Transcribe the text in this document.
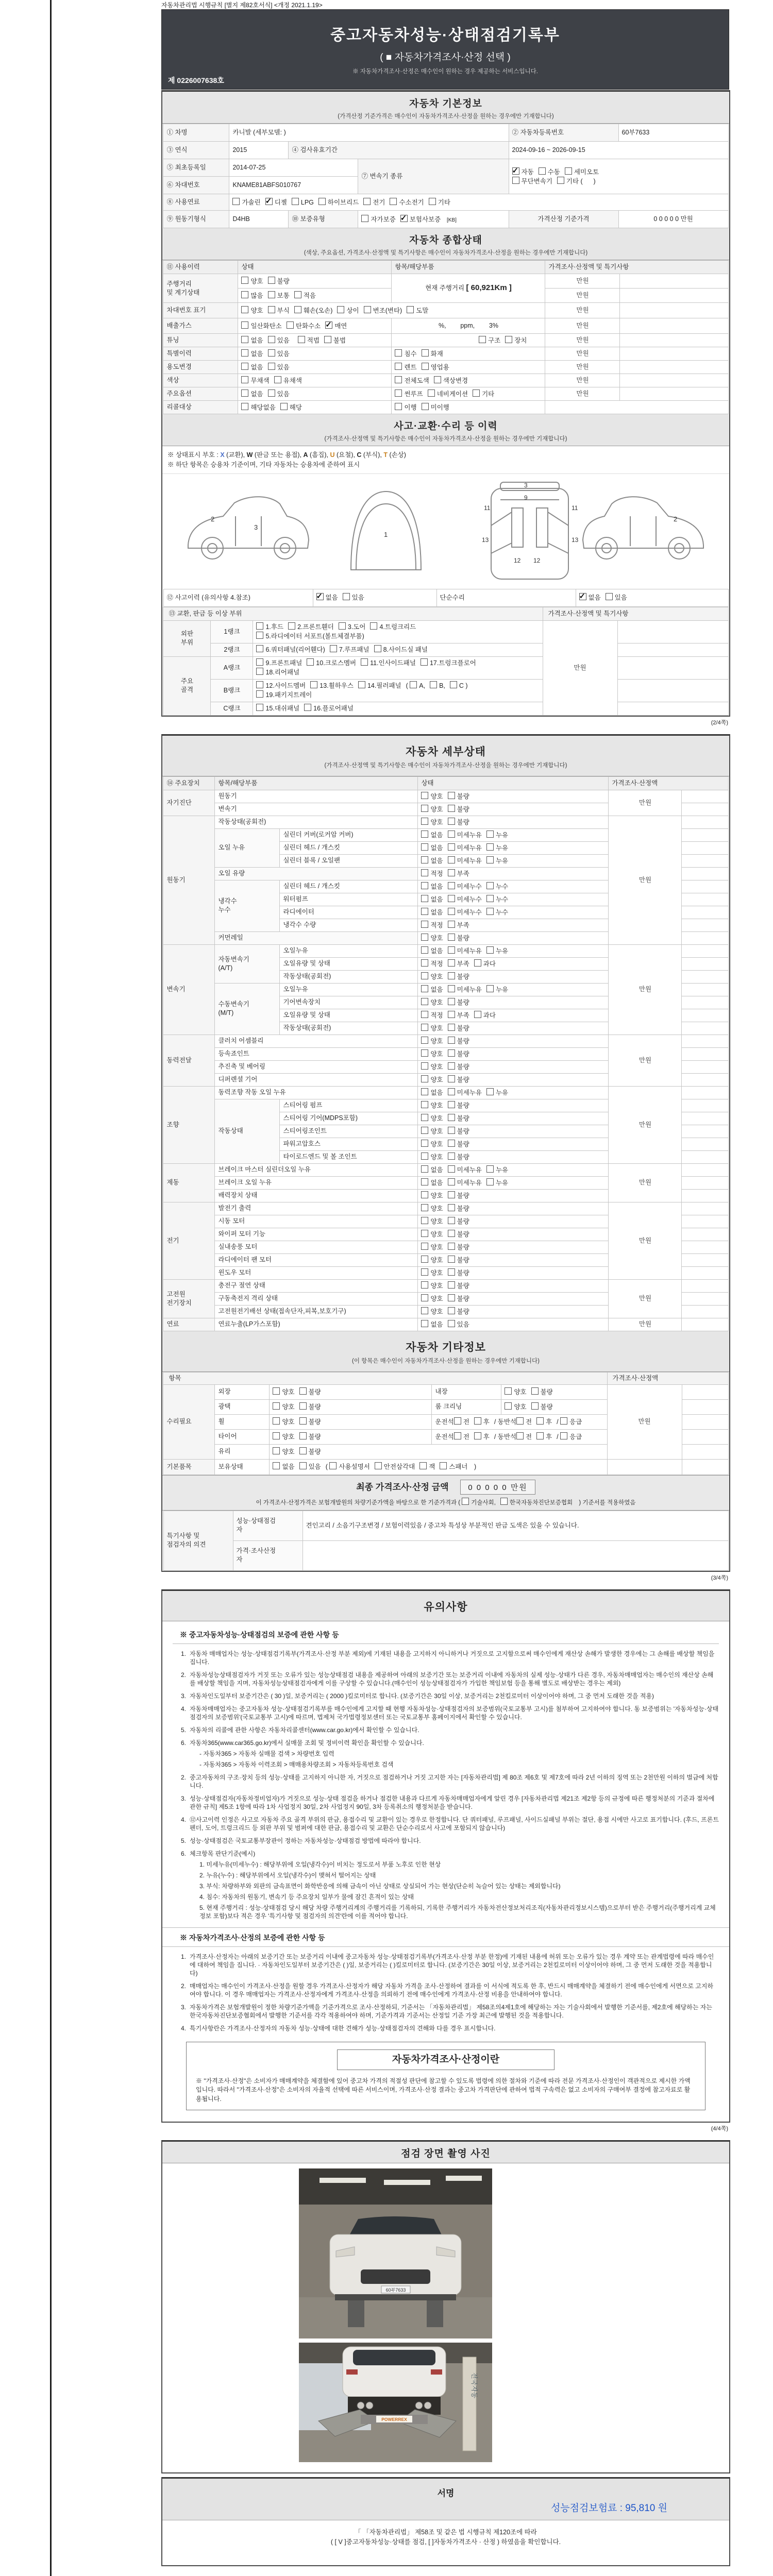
자동차관리법 시행규칙 [별지 제82호서식] <개정 2021.1.19>
중고자동차성능·상태점검기록부
( ■ 자동차가격조사·산정 선택 )
※ 자동차가격조사·산정은 매수인이 원하는 경우 제공하는 서비스입니다.
제 0226007638호
자동차 기본정보
(가격산정 기준가격은 매수인이 자동차가격조사·산정을 원하는 경우에만 기재합니다)
① 차명	카니발 (세부모델: )			② 자동차등록번호	60부7633
③ 연식	2015	④ 검사유효기간		2024-09-16 ~ 2026-09-15	
⑤ 최초등록일	2014-07-25		⑦ 변속기 종류	✓자동 수동 세미오토
무단변속기 기타 (      )
⑥ 차대번호	KNAME81ABFS010767				
⑧ 사용연료	가솔린 ✓ 디젤 LPG 하이브리드 전기 수소전기 기타
⑨ 원동기형식	D4HB	⑩ 보증유형	자가보증 ✓ 보험사보증 [KB]	가격산정 기준가격	0 0 0 0 0 만원
자동차 종합상태
(색상, 주요옵션, 가격조사·산정액 및 특기사항은 매수인이 자동차가격조사·산정을 원하는 경우에만 기재합니다)
⑪ 사용이력	상태	항목/해당부품	가격조사·산정액 및 특기사항	
주행거리
및 계기상태	양호 불량	현재 주행거리 [ 60,921Km ]	만원	
	많음 보통 적음		만원	
차대번호 표기	양호 부식 훼손(오손) 상이 변조(변타) 도말		만원	
배출가스	일산화탄소 탄화수소 ✓ 매연	%,        ppm,        3%	만원	
튜닝	없음 있음 적법 불법	구조 장치	만원	
특별이력	없음 있음	침수 화재	만원	
용도변경	없음 있음	렌트 영업용	만원	
색상	무채색 유채색	전체도색 색상변경	만원	
주요옵션	없음 있음	썬루프 네비게이션 기타	만원	
리콜대상	해당없음 해당	이행 미이행		
사고·교환·수리 등 이력
(가격조사·산정액 및 특기사항은 매수인이 자동차가격조사·산정을 원하는 경우에만 기재합니다)
※ 상태표시 부호 : X (교환), W (판금 또는 용접), A (흠집), U (요철), C (부식), T (손상)
※ 하단 항목은 승용차 기준이며, 기타 자동차는 승용차에 준하여 표시
2
3
1
11	11
13	13
12 12
9
3
2
⑫ 사고이력 (유의사항 4.참조)	✓없음 있음	단순수리	✓없음 있음
⑬ 교환, 판금 등 이상 부위			가격조사·산정액 및 특기사항	
외판
부위	1랭크	1.후드 2.프론트휀더 3.도어 4.트렁크리드
5.라디에이터 서포트(볼트체결부품)	만원	
	2랭크	6.쿼터패널(리어휀다) 7.루프패널 8.사이드실 패널		
주요
골격	A랭크	9.프론트패널 10.크로스멤버 11.인사이드패널 17.트렁크플로어
18.리어패널		
	B랭크	12.사이드멤버 13.휠하우스 14.필러패널 ( A, B, C )
19.패키지트레이		
	C랭크	15.대쉬패널 16.플로어패널		
(2/4쪽)
자동차 세부상태
(가격조사·산정액 및 특기사항은 매수인이 자동차가격조사·산정을 원하는 경우에만 기재합니다)
⑭ 주요장치	항목/해당부품		상태	가격조사·산정액	
자기진단	원동기		양호 불량	만원	
	변속기		양호 불량		
원동기	작동상태(공회전)		양호 불량	만원	
	오일 누유	실린더 커버(로커암 커버)	없음 미세누유 누유		
		실린더 헤드 / 개스킷	없음 미세누유 누유		
		실린더 블록 / 오일팬	없음 미세누유 누유		
	오일 유량		적정 부족		
	냉각수
누수	실린더 헤드 / 개스킷	없음 미세누수 누수		
		워터펌프	없음 미세누수 누수		
		라디에이터	없음 미세누수 누수		
		냉각수 수량	적정 부족		
	커먼레일		양호 불량		
변속기	자동변속기
(A/T)	오일누유	없음 미세누유 누유	만원	
		오일유량 및 상태	적정 부족 과다		
		작동상태(공회전)	양호 불량		
	수동변속기
(M/T)	오일누유	없음 미세누유 누유		
		기어변속장치	양호 불량		
		오일유량 및 상태	적정 부족 과다		
		작동상태(공회전)	양호 불량		
동력전달	클러치 어셈블리		양호 불량	만원	
	등속죠인트		양호 불량		
	추진축 및 베어링		양호 불량		
	디퍼렌셜 기어		양호 불량		
조향	동력조향 작동 오일 누유		없음 미세누유 누유	만원	
	작동상태	스티어링 펌프	양호 불량		
		스티어링 기어(MDPS포함)	양호 불량		
		스티어링조인트	양호 불량		
		파워고압호스	양호 불량		
		타이로드엔드 및 볼 조인트	양호 불량		
제동	브레이크 마스터 실린더오일 누유		없음 미세누유 누유	만원	
	브레이크 오일 누유		없음 미세누유 누유		
	배력장치 상태		양호 불량		
전기	발전기 출력		양호 불량	만원	
	시동 모터		양호 불량		
	와이퍼 모터 기능		양호 불량		
	실내송풍 모터		양호 불량		
	라디에이터 팬 모터		양호 불량		
	윈도우 모터		양호 불량		
고전원
전기장치	충전구 절연 상태		양호 불량	만원	
	구동축전지 격리 상태		양호 불량		
	고전원전기배선 상태(접속단자,피복,보호기구)		양호 불량		
연료	연료누출(LP가스포함)		없음 있음	만원	
자동차 기타정보
(이 항목은 매수인이 자동차가격조사·산정을 원하는 경우에만 기재합니다)
항목					가격조사·산정액	
수리필요	외장	양호 불량	내장	양호 불량	만원	
	광택	양호 불량	룸 크리닝	양호 불량		
	휠	양호 불량	운전석 전 후 / 동반석 전 후 / 응급			
	타이어	양호 불량	운전석 전 후 / 동반석 전 후 / 응급			
	유리	양호 불량				
기본품목	보유상태	없음 있음 ( 사용설명서 안전삼각대 잭 스패너 )				
최종 가격조사·산정 금액	0 0 0 0 0 만원
이 가격조사·산정가격은 보험개발원의 차량기준가액을 바탕으로 한 기준가격과 ( 기술사회, 한국자동차진단보증협회 ) 기준서를 적용하였음
특기사항 및
점검자의 의견	성능·상태점검
자	견인고리 / 소음기구조변경 / 보험이력있음 / 중고차 특성상 부분적인 판금 도색은 있을 수 있습니다.
	가격·조사산정
자	
(3/4쪽)
유의사항
※ 중고자동차성능·상태점검의 보증에 관한 사항 등
1. 자동차 매매업자는 성능·상태점검기록부(가격조사·산정 부분 제외)에 기재된 내용을 고지하지 아니하거나 거짓으로 고지함으로써 매수인에게 재산상 손해가 발생한 경우에는 그 손해를 배상할 책임을 집니다.
2. 자동차성능상태점검자가 거짓 또는 오류가 있는 성능상태점검 내용을 제공하여 아래의 보증기간 또는 보증거리 이내에 자동차의 실제 성능·상태가 다른 경우, 자동차매매업자는 매수인의 재산상 손해를 배상할 책임을 지며, 자동차성능상태점검자에게 이를 구상할 수 있습니다.(매수인이 성능상태점검자가 가입한 책임보험 등을 통해 별도로 배상받는 경우는 제외)
3. 자동차인도일부터 보증기간은 ( 30 )일, 보증거리는 ( 2000 )킬로미터로 합니다. (보증기간은 30일 이상, 보증거리는 2천킬로미터 이상이어야 하며, 그 중 먼저 도래한 것을 적용)
4. 자동차매매업자는 중고자동차 성능·상태점검기록부를 매수인에게 고지할 때 현행 자동차성능·상태점검자의 보증범위(국토교통부 고시)를 첨부하여 고지하여야 합니다. 동 보증범위는 '자동차성능·상태점검자의 보증범위'(국토교통부 고시)에 따르며, 법제처 국가법령정보센터 또는 국토교통부 홈페이지에서 확인할 수 있습니다.
5. 자동차의 리콜에 관한 사항은 자동차리콜센터(www.car.go.kr)에서 확인할 수 있습니다.
6. 자동차365(www.car365.go.kr)에서 실매물 조회 및 정비이력 확인을 확인할 수 있습니다.
- 자동차365 > 자동차 실매물 검색 > 차량번호 입력
- 자동차365 > 자동차 이력조회 > 매매용차량조회 > 자동차등록번호 검색
2. 중고자동차의 구조·장치 등의 성능·상태를 고지하지 아니한 자, 거짓으로 점검하거나 거짓 고지한 자는 [자동차관리법] 제 80조 제6호 및 제7호에 따라 2년 이하의 징역 또는 2천만원 이하의 벌금에 처합니다.
3. 성능·상태점검자(자동차정비업자)가 거짓으로 성능·상태 점검을 하거나 점검한 내용과 다르게 자동차매매업자에게 알린 경우 [자동차관리법 제21조 제2항 등의 규정에 따른 행정처분의 기준과 절차에 관한 규칙] 제5조 1항에 따라 1차 사업정지 30일, 2차 사업정지 90일, 3차 등록취소의 행정처분을 받습니다.
4. ⑫사고이력 인정은 사고로 자동차 주요 골격 부위의 판금, 용접수리 및 교환이 있는 경우로 한정합니다. 단 쿼터패널, 루프패널, 사이드실패널 부위는 절단, 용접 시에만 사고로 표기합니다. (후드, 프론트펜더, 도어, 트렁크리드 등 외판 부위 및 범퍼에 대한 판금, 용접수리 및 교환은 단순수리로서 사고에 포함되지 않습니다)
5. 성능·상태점검은 국토교통부장관이 정하는 자동차성능·상태점검 방법에 따라야 합니다.
6. 체크항목 판단기준(예시)
1. 미세누유(미세누수) : 해당부위에 오일(냉각수)이 비치는 정도로서 부품 노후로 인한 현상
2. 누유(누수) : 해당부위에서 오일(냉각수)이 맺혀서 떨어지는 상태
3. 부식: 차량하부와 외판의 금속표면이 화학반응에 의해 금속이 아닌 상태로 상실되어 가는 현상(단순히 녹슬어 있는 상태는 제외합니다)
4. 침수: 자동차의 원동기, 변속기 등 주요장치 일부가 물에 잠긴 흔적이 있는 상태
5. 현재 주행거리 : 성능·상태점검 당시 해당 차량 주행거리계의 주행거리를 기록하되, 기록한 주행거리가 자동차전산정보처리조직(자동차관리정보시스템)으로부터 받은 주행거리(주행거리계 교체 정보 포함)보다 적은 경우 '특기사항 및 점검자의 의견'란에 이를 적어야 합니다.
※ 자동차가격조사·산정의 보증에 관한 사항 등
1. 가격조사·산정자는 아래의 보증기간 또는 보증거리 이내에 중고자동차 성능·상태점검기록부(가격조사·산정 부분 한정)에 기재된 내용에 허위 또는 오류가 있는 경우 계약 또는 관계법령에 따라 매수인에 대하여 책임을 집니다. · 자동차인도일부터 보증기간은 ( )일, 보증거리는 ( )킬로미터로 합니다. (보증기간은 30일 이상, 보증거리는 2천킬로미터 이상이어야 하며, 그 중 먼저 도래한 것을 적용합니다)
2. 매매업자는 매수인이 가격조사·산정을 원할 경우 가격조사·산정자가 해당 자동차 가격을 조사·산정하여 결과를 이 서식에 적도록 한 후, 반드시 매매계약을 체결하기 전에 매수인에게 서면으로 고지하여야 합니다. 이 경우 매매업자는 가격조사·산정자에게 가격조사·산정을 의뢰하기 전에 매수인에게 가격조사·산정 비용을 안내하여야 합니다.
3. 자동차가격은 보험개발원이 정한 차량기준가액을 기준가격으로 조사·산정하되, 기준서는 「자동차관리법」 제58조의4제1호에 해당하는 자는 기술사회에서 발행한 기준서를, 제2호에 해당하는 자는 한국자동차진단보증협회에서 발행한 기준서를 각각 적용하여야 하며, 기준가격과 기준서는 산정일 기준 가장 최근에 발행된 것을 적용합니다.
4. 특기사항란은 가격조사·산정자의 자동차 성능·상태에 대한 견해가 성능·상태점검자의 견해와 다를 경우 표시합니다.
자동차가격조사·산정이란
※ "가격조사·산정"은 소비자가 매매계약을 체결함에 있어 중고차 가격의 적절성 판단에 참고할 수 있도록 법령에 의한 절차와 기준에 따라 전문 가격조사·산정인이 객관적으로 제시한 가액입니다. 따라서 "가격조사·산정"은 소비자의 자율적 선택에 따른 서비스이며, 가격조사·산정 결과는 중고차 가격판단에 관하여 법적 구속력은 없고 소비자의 구매여부 결정에 참고자료로 활용됩니다.
(4/4쪽)
점검 장면 촬영 사진
60부7633
POWERREX
전국자동
서명
성능점검보험료 : 95,810 원
「 「자동차관리법」 제58조 및 같은 법 시행규칙 제120조에 따라
( [ V ]중고자동차성능·상태를 점검, [ ]자동차가격조사 · 산정 ) 하였음을 확인합니다.
